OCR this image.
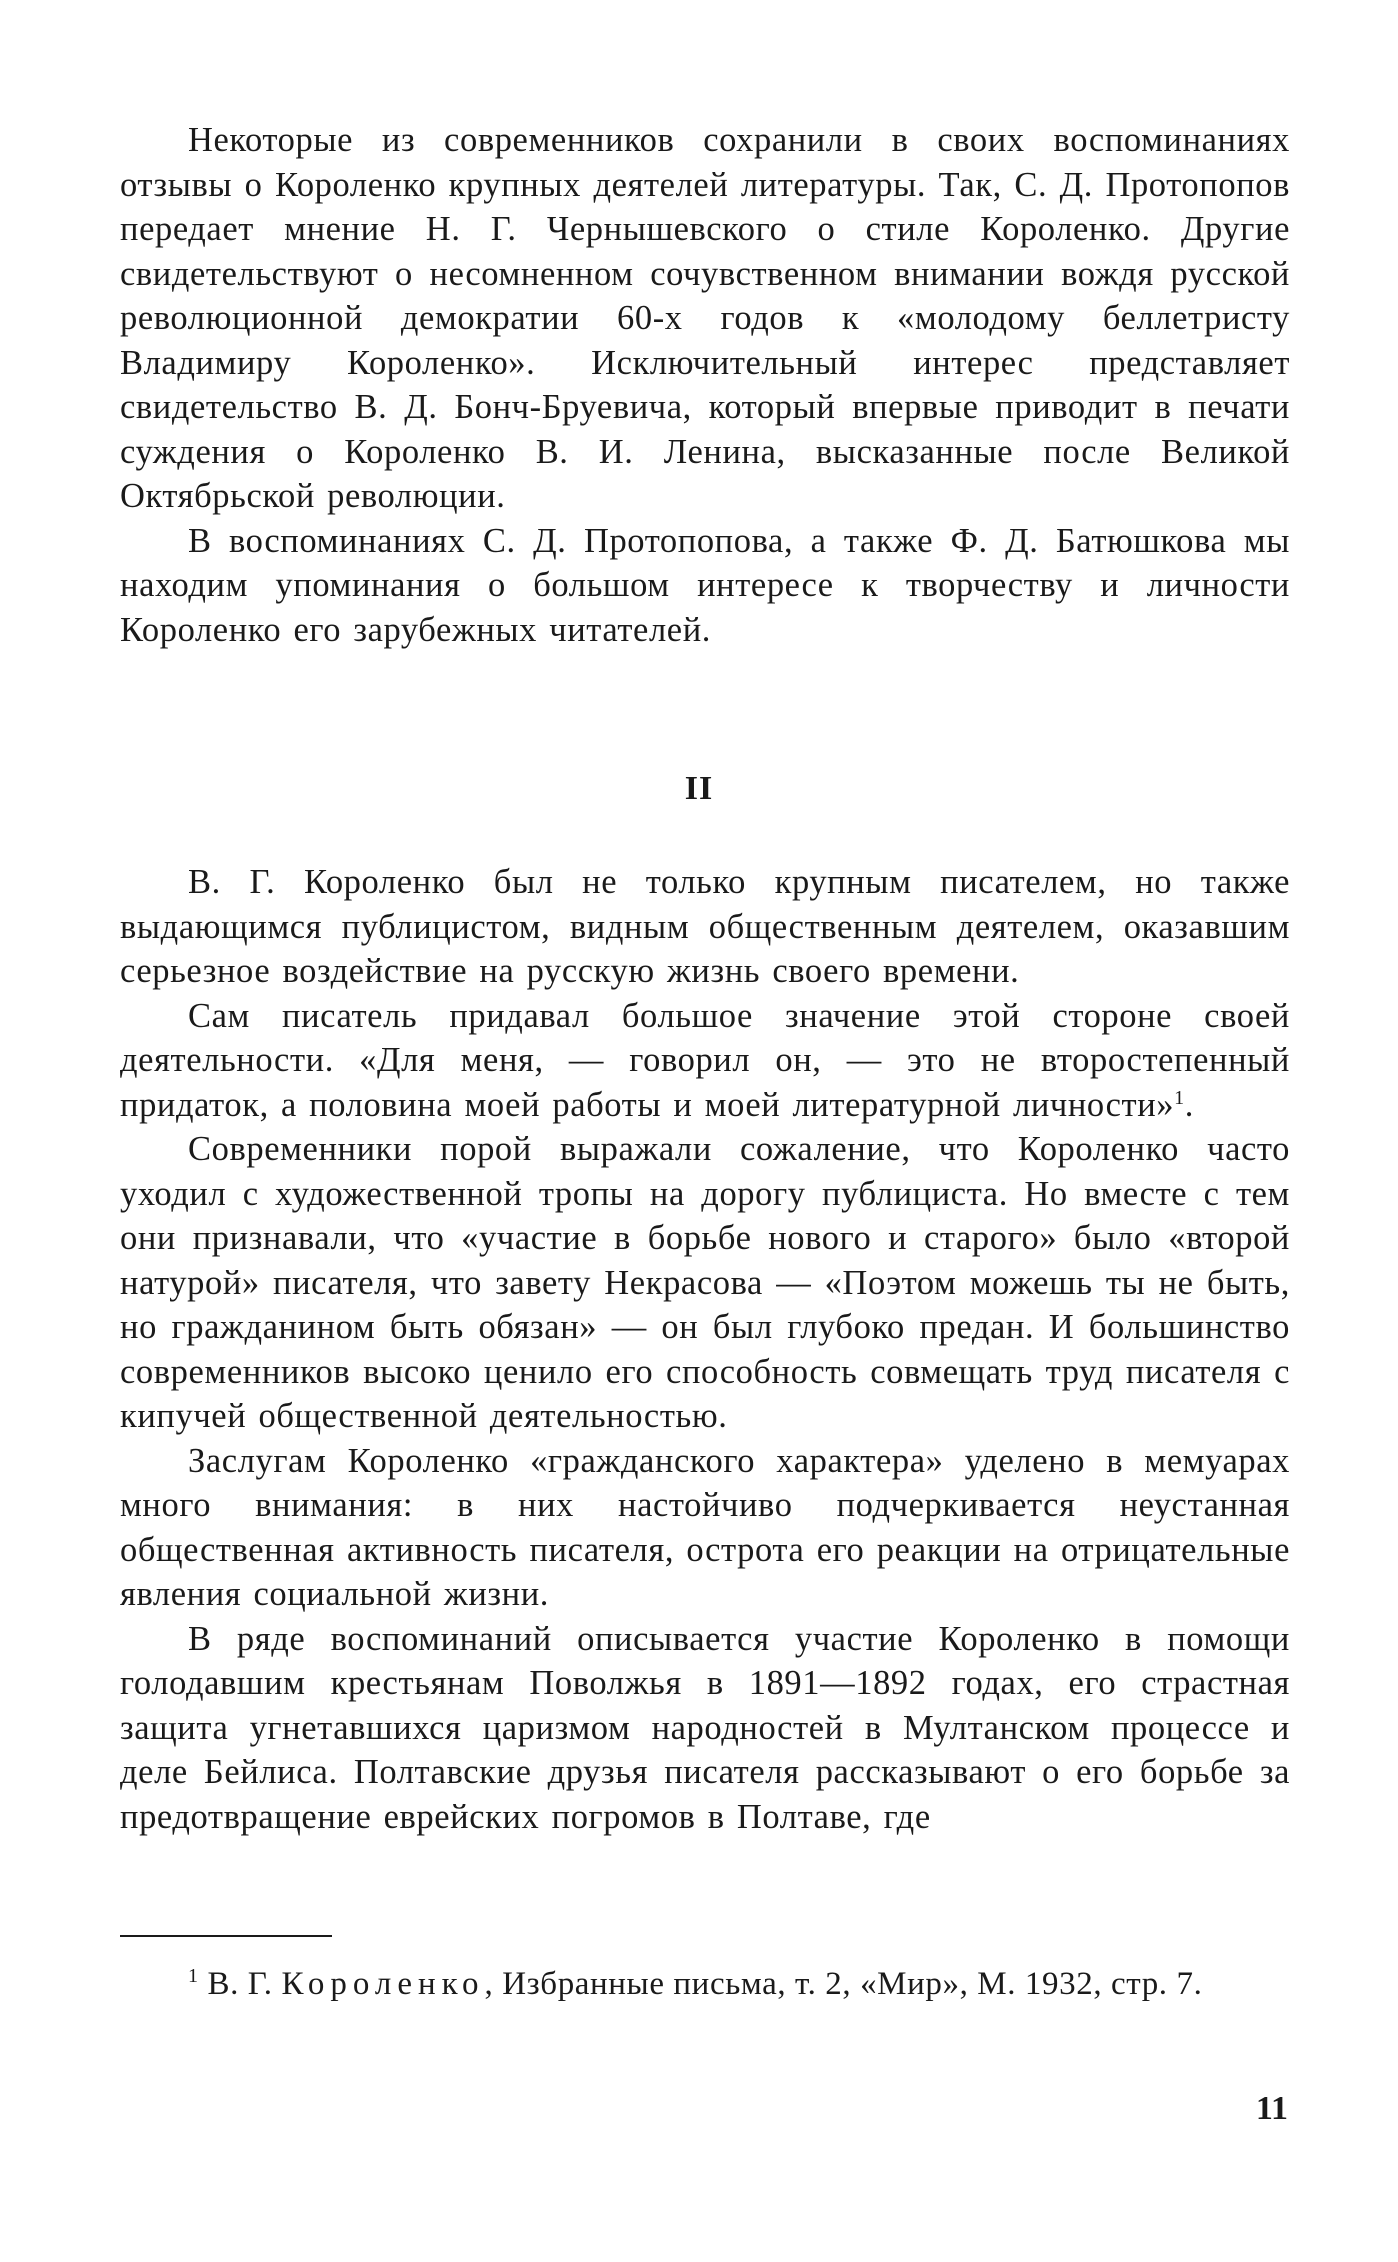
Некоторые из современников сохранили в своих воспоминаниях отзывы о Короленко крупных деятелей литературы. Так, С. Д. Протопопов передает мнение Н. Г. Чернышевского о стиле Короленко. Другие свидетельствуют о несомненном сочувственном внимании вождя русской революционной демократии 60-х годов к «молодому беллетристу Владимиру Короленко». Исключительный интерес представляет свидетельство В. Д. Бонч-Бруевича, который впервые приводит в печати суждения о Короленко В. И. Ленина, высказанные после Великой Октябрьской революции.

В воспоминаниях С. Д. Протопопова, а также Ф. Д. Батюшкова мы находим упоминания о большом интересе к творчеству и личности Короленко его зарубежных читателей.

II

В. Г. Короленко был не только крупным писателем, но также выдающимся публицистом, видным общественным деятелем, оказавшим серьезное воздействие на русскую жизнь своего времени.

Сам писатель придавал большое значение этой стороне своей деятельности. «Для меня, — говорил он, — это не второстепенный придаток, а половина моей работы и моей литературной личности»$^1$.

Современники порой выражали сожаление, что Короленко часто уходил с художественной тропы на дорогу публициста. Но вместе с тем они признавали, что «участие в борьбе нового и старого» было «второй натурой» писателя, что завету Некрасова — «Поэтом можешь ты не быть, но гражданином быть обязан» — он был глубоко предан. И большинство современников высоко ценило его способность совмещать труд писателя с кипучей общественной деятельностью.

Заслугам Короленко «гражданского характера» уделено в мемуарах много внимания: в них настойчиво подчеркивается неустанная общественная активность писателя, острота его реакции на отрицательные явления социальной жизни.

В ряде воспоминаний описывается участие Короленко в помощи голодавшим крестьянам Поволжья в 1891—1892 годах, его страстная защита угнетавшихся царизмом народностей в Мултанском процессе и деле Бейлиса. Полтавские друзья писателя рассказывают о его борьбе за предотвращение еврейских погромов в Полтаве, где

$^1$ В. Г. Короленко, Избранные письма, т. 2, «Мир», М. 1932, стр. 7.
11
